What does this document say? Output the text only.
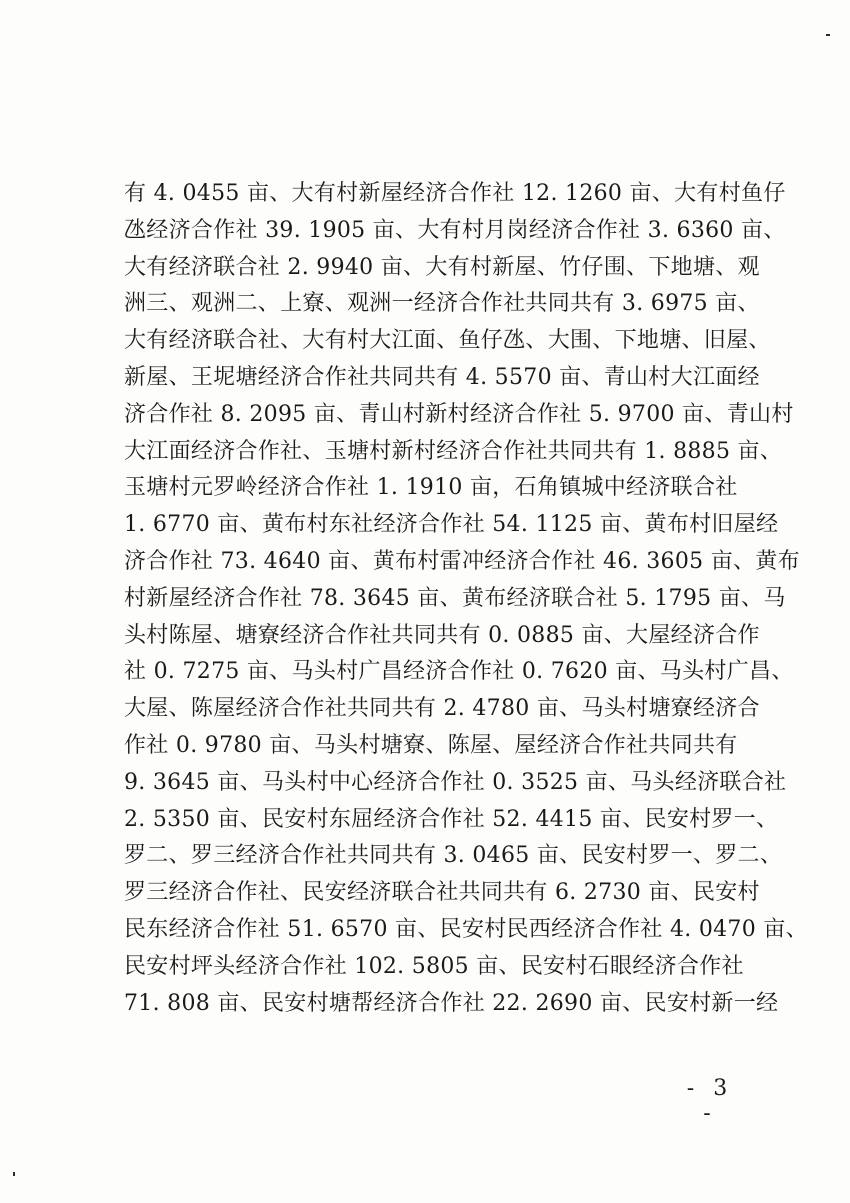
有 4. 0455 亩、大有村新屋经济合作社 12. 1260 亩、大有村鱼仔
氹经济合作社 39. 1905 亩、大有村月岗经济合作社 3. 6360 亩、
大有经济联合社 2. 9940 亩、大有村新屋、竹仔围、下地塘、观
洲三、观洲二、上寮、观洲一经济合作社共同共有 3. 6975 亩、
大有经济联合社、大有村大江面、鱼仔氹、大围、下地塘、旧屋、
新屋、王坭塘经济合作社共同共有 4. 5570 亩、青山村大江面经
济合作社 8. 2095 亩、青山村新村经济合作社 5. 9700 亩、青山村
大江面经济合作社、玉塘村新村经济合作社共同共有 1. 8885 亩、
玉塘村元罗岭经济合作社 1. 1910 亩，石角镇城中经济联合社
1. 6770 亩、黄布村东社经济合作社 54. 1125 亩、黄布村旧屋经
济合作社 73. 4640 亩、黄布村雷冲经济合作社 46. 3605 亩、黄布
村新屋经济合作社 78. 3645 亩、黄布经济联合社 5. 1795 亩、马
头村陈屋、塘寮经济合作社共同共有 0. 0885 亩、大屋经济合作
社 0. 7275 亩、马头村广昌经济合作社 0. 7620 亩、马头村广昌、
大屋、陈屋经济合作社共同共有 2. 4780 亩、马头村塘寮经济合
作社 0. 9780 亩、马头村塘寮、陈屋、屋经济合作社共同共有
9. 3645 亩、马头村中心经济合作社 0. 3525 亩、马头经济联合社
2. 5350 亩、民安村东屈经济合作社 52. 4415 亩、民安村罗一、
罗二、罗三经济合作社共同共有 3. 0465 亩、民安村罗一、罗二、
罗三经济合作社、民安经济联合社共同共有 6. 2730 亩、民安村
民东经济合作社 51. 6570 亩、民安村民西经济合作社 4. 0470 亩、
民安村坪头经济合作社 102. 5805 亩、民安村石眼经济合作社
71. 808 亩、民安村塘帮经济合作社 22. 2690 亩、民安村新一经
- 3 -
